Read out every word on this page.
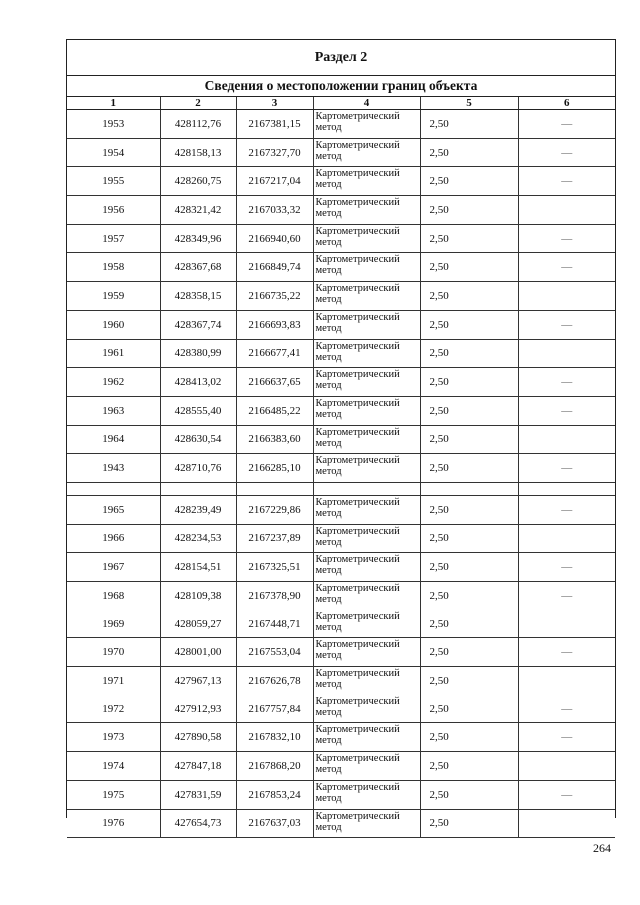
Раздел 2
Сведения о местоположении границ объекта
1	2	3	4	5	6
1953	428112,76	2167381,15	Картометрический метод	2,50	—
1954	428158,13	2167327,70	Картометрический метод	2,50	—
1955	428260,75	2167217,04	Картометрический метод	2,50	—
1956	428321,42	2167033,32	Картометрический метод	2,50	
1957	428349,96	2166940,60	Картометрический метод	2,50	—
1958	428367,68	2166849,74	Картометрический метод	2,50	—
1959	428358,15	2166735,22	Картометрический метод	2,50	
1960	428367,74	2166693,83	Картометрический метод	2,50	—
1961	428380,99	2166677,41	Картометрический метод	2,50	
1962	428413,02	2166637,65	Картометрический метод	2,50	—
1963	428555,40	2166485,22	Картометрический метод	2,50	—
1964	428630,54	2166383,60	Картометрический метод	2,50	
1943	428710,76	2166285,10	Картометрический метод	2,50	—

1965	428239,49	2167229,86	Картометрический метод	2,50	—
1966	428234,53	2167237,89	Картометрический метод	2,50	
1967	428154,51	2167325,51	Картометрический метод	2,50	—
1968	428109,38	2167378,90	Картометрический метод	2,50	—
1969	428059,27	2167448,71	Картометрический метод	2,50	
1970	428001,00	2167553,04	Картометрический метод	2,50	—
1971	427967,13	2167626,78	Картометрический метод	2,50	
1972	427912,93	2167757,84	Картометрический метод	2,50	—
1973	427890,58	2167832,10	Картометрический метод	2,50	—
1974	427847,18	2167868,20	Картометрический метод	2,50	
1975	427831,59	2167853,24	Картометрический метод	2,50	—
1976	427654,73	2167637,03	Картометрический метод	2,50	
264
